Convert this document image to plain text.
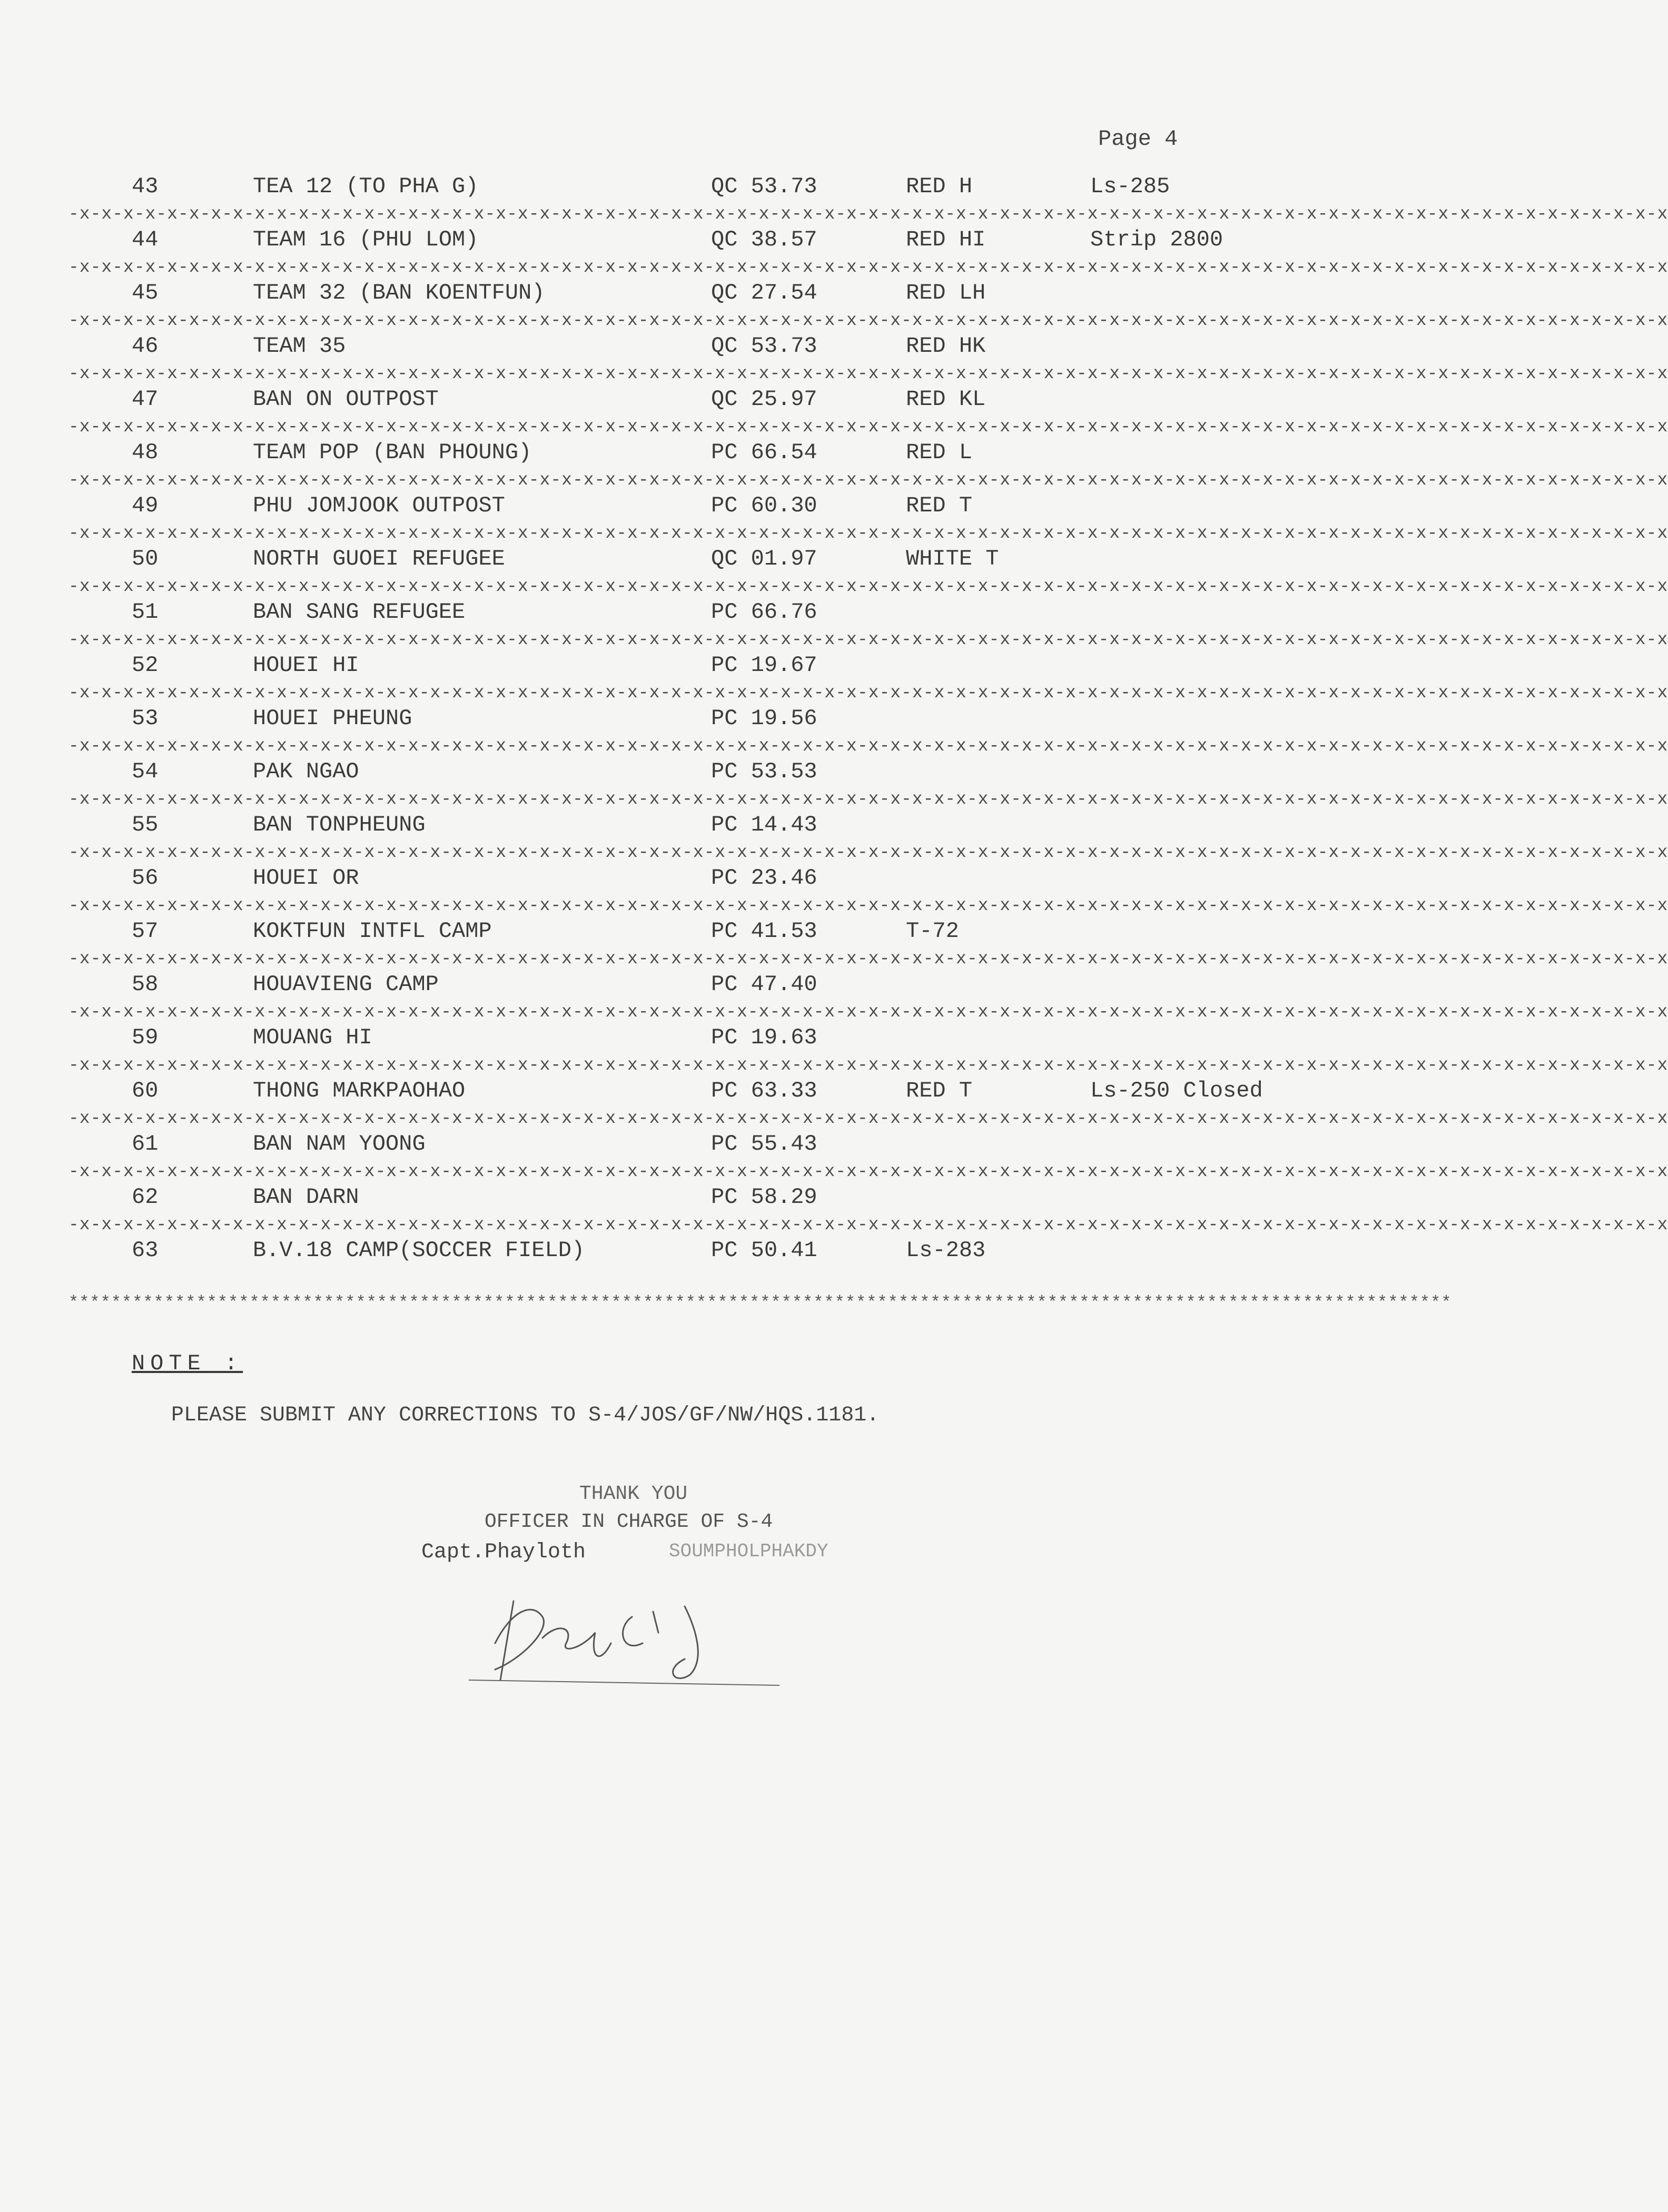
Page 4
43	TEA 12 (TO PHA G)	QC 53.73	RED H	Ls-285
-x-x-x-x-x-x-x-x-x-x-x-x-x-x-x-x-x-x-x-x-x-x-x-x-x-x-x-x-x-x-x-x-x-x-x-x-x-x-x-x-x-x-x-x-x-x-x-x-x-x-x-x-x-x-x-x-x-x-x-x-x-x-x-x-x-x-x-x-x-x-x-x-x
44	TEAM 16 (PHU LOM)	QC 38.57	RED HI	Strip 2800
-x-x-x-x-x-x-x-x-x-x-x-x-x-x-x-x-x-x-x-x-x-x-x-x-x-x-x-x-x-x-x-x-x-x-x-x-x-x-x-x-x-x-x-x-x-x-x-x-x-x-x-x-x-x-x-x-x-x-x-x-x-x-x-x-x-x-x-x-x-x-x-x-x
45	TEAM 32 (BAN KOENTFUN)	QC 27.54	RED LH
-x-x-x-x-x-x-x-x-x-x-x-x-x-x-x-x-x-x-x-x-x-x-x-x-x-x-x-x-x-x-x-x-x-x-x-x-x-x-x-x-x-x-x-x-x-x-x-x-x-x-x-x-x-x-x-x-x-x-x-x-x-x-x-x-x-x-x-x-x-x-x-x-x
46	TEAM 35	QC 53.73	RED HK
-x-x-x-x-x-x-x-x-x-x-x-x-x-x-x-x-x-x-x-x-x-x-x-x-x-x-x-x-x-x-x-x-x-x-x-x-x-x-x-x-x-x-x-x-x-x-x-x-x-x-x-x-x-x-x-x-x-x-x-x-x-x-x-x-x-x-x-x-x-x-x-x-x
47	BAN ON OUTPOST	QC 25.97	RED KL
-x-x-x-x-x-x-x-x-x-x-x-x-x-x-x-x-x-x-x-x-x-x-x-x-x-x-x-x-x-x-x-x-x-x-x-x-x-x-x-x-x-x-x-x-x-x-x-x-x-x-x-x-x-x-x-x-x-x-x-x-x-x-x-x-x-x-x-x-x-x-x-x-x
48	TEAM POP (BAN PHOUNG)	PC 66.54	RED L
-x-x-x-x-x-x-x-x-x-x-x-x-x-x-x-x-x-x-x-x-x-x-x-x-x-x-x-x-x-x-x-x-x-x-x-x-x-x-x-x-x-x-x-x-x-x-x-x-x-x-x-x-x-x-x-x-x-x-x-x-x-x-x-x-x-x-x-x-x-x-x-x-x
49	PHU JOMJOOK OUTPOST	PC 60.30	RED T
-x-x-x-x-x-x-x-x-x-x-x-x-x-x-x-x-x-x-x-x-x-x-x-x-x-x-x-x-x-x-x-x-x-x-x-x-x-x-x-x-x-x-x-x-x-x-x-x-x-x-x-x-x-x-x-x-x-x-x-x-x-x-x-x-x-x-x-x-x-x-x-x-x
50	NORTH GUOEI REFUGEE	QC 01.97	WHITE T
-x-x-x-x-x-x-x-x-x-x-x-x-x-x-x-x-x-x-x-x-x-x-x-x-x-x-x-x-x-x-x-x-x-x-x-x-x-x-x-x-x-x-x-x-x-x-x-x-x-x-x-x-x-x-x-x-x-x-x-x-x-x-x-x-x-x-x-x-x-x-x-x-x
51	BAN SANG REFUGEE	PC 66.76
-x-x-x-x-x-x-x-x-x-x-x-x-x-x-x-x-x-x-x-x-x-x-x-x-x-x-x-x-x-x-x-x-x-x-x-x-x-x-x-x-x-x-x-x-x-x-x-x-x-x-x-x-x-x-x-x-x-x-x-x-x-x-x-x-x-x-x-x-x-x-x-x-x
52	HOUEI HI	PC 19.67
-x-x-x-x-x-x-x-x-x-x-x-x-x-x-x-x-x-x-x-x-x-x-x-x-x-x-x-x-x-x-x-x-x-x-x-x-x-x-x-x-x-x-x-x-x-x-x-x-x-x-x-x-x-x-x-x-x-x-x-x-x-x-x-x-x-x-x-x-x-x-x-x-x
53	HOUEI PHEUNG	PC 19.56
-x-x-x-x-x-x-x-x-x-x-x-x-x-x-x-x-x-x-x-x-x-x-x-x-x-x-x-x-x-x-x-x-x-x-x-x-x-x-x-x-x-x-x-x-x-x-x-x-x-x-x-x-x-x-x-x-x-x-x-x-x-x-x-x-x-x-x-x-x-x-x-x-x
54	PAK NGAO	PC 53.53
-x-x-x-x-x-x-x-x-x-x-x-x-x-x-x-x-x-x-x-x-x-x-x-x-x-x-x-x-x-x-x-x-x-x-x-x-x-x-x-x-x-x-x-x-x-x-x-x-x-x-x-x-x-x-x-x-x-x-x-x-x-x-x-x-x-x-x-x-x-x-x-x-x
55	BAN TONPHEUNG	PC 14.43
-x-x-x-x-x-x-x-x-x-x-x-x-x-x-x-x-x-x-x-x-x-x-x-x-x-x-x-x-x-x-x-x-x-x-x-x-x-x-x-x-x-x-x-x-x-x-x-x-x-x-x-x-x-x-x-x-x-x-x-x-x-x-x-x-x-x-x-x-x-x-x-x-x
56	HOUEI OR	PC 23.46
-x-x-x-x-x-x-x-x-x-x-x-x-x-x-x-x-x-x-x-x-x-x-x-x-x-x-x-x-x-x-x-x-x-x-x-x-x-x-x-x-x-x-x-x-x-x-x-x-x-x-x-x-x-x-x-x-x-x-x-x-x-x-x-x-x-x-x-x-x-x-x-x-x
57	KOKTFUN INTFL CAMP	PC 41.53	T-72
-x-x-x-x-x-x-x-x-x-x-x-x-x-x-x-x-x-x-x-x-x-x-x-x-x-x-x-x-x-x-x-x-x-x-x-x-x-x-x-x-x-x-x-x-x-x-x-x-x-x-x-x-x-x-x-x-x-x-x-x-x-x-x-x-x-x-x-x-x-x-x-x-x
58	HOUAVIENG CAMP	PC 47.40
-x-x-x-x-x-x-x-x-x-x-x-x-x-x-x-x-x-x-x-x-x-x-x-x-x-x-x-x-x-x-x-x-x-x-x-x-x-x-x-x-x-x-x-x-x-x-x-x-x-x-x-x-x-x-x-x-x-x-x-x-x-x-x-x-x-x-x-x-x-x-x-x-x
59	MOUANG HI	PC 19.63
-x-x-x-x-x-x-x-x-x-x-x-x-x-x-x-x-x-x-x-x-x-x-x-x-x-x-x-x-x-x-x-x-x-x-x-x-x-x-x-x-x-x-x-x-x-x-x-x-x-x-x-x-x-x-x-x-x-x-x-x-x-x-x-x-x-x-x-x-x-x-x-x-x
60	THONG MARKPAOHAO	PC 63.33	RED T	Ls-250 Closed
-x-x-x-x-x-x-x-x-x-x-x-x-x-x-x-x-x-x-x-x-x-x-x-x-x-x-x-x-x-x-x-x-x-x-x-x-x-x-x-x-x-x-x-x-x-x-x-x-x-x-x-x-x-x-x-x-x-x-x-x-x-x-x-x-x-x-x-x-x-x-x-x-x
61	BAN NAM YOONG	PC 55.43
-x-x-x-x-x-x-x-x-x-x-x-x-x-x-x-x-x-x-x-x-x-x-x-x-x-x-x-x-x-x-x-x-x-x-x-x-x-x-x-x-x-x-x-x-x-x-x-x-x-x-x-x-x-x-x-x-x-x-x-x-x-x-x-x-x-x-x-x-x-x-x-x-x
62	BAN DARN	PC 58.29
-x-x-x-x-x-x-x-x-x-x-x-x-x-x-x-x-x-x-x-x-x-x-x-x-x-x-x-x-x-x-x-x-x-x-x-x-x-x-x-x-x-x-x-x-x-x-x-x-x-x-x-x-x-x-x-x-x-x-x-x-x-x-x-x-x-x-x-x-x-x-x-x-x
63	B.V.18 CAMP(SOCCER FIELD)	PC 50.41	Ls-283
**********************************************************************************************************************************
NOTE :
PLEASE SUBMIT ANY CORRECTIONS TO S-4/JOS/GF/NW/HQS.1181.
THANK YOU
OFFICER IN CHARGE OF S-4
Capt.Phayloth	SOUMPHOLPHAKDY
